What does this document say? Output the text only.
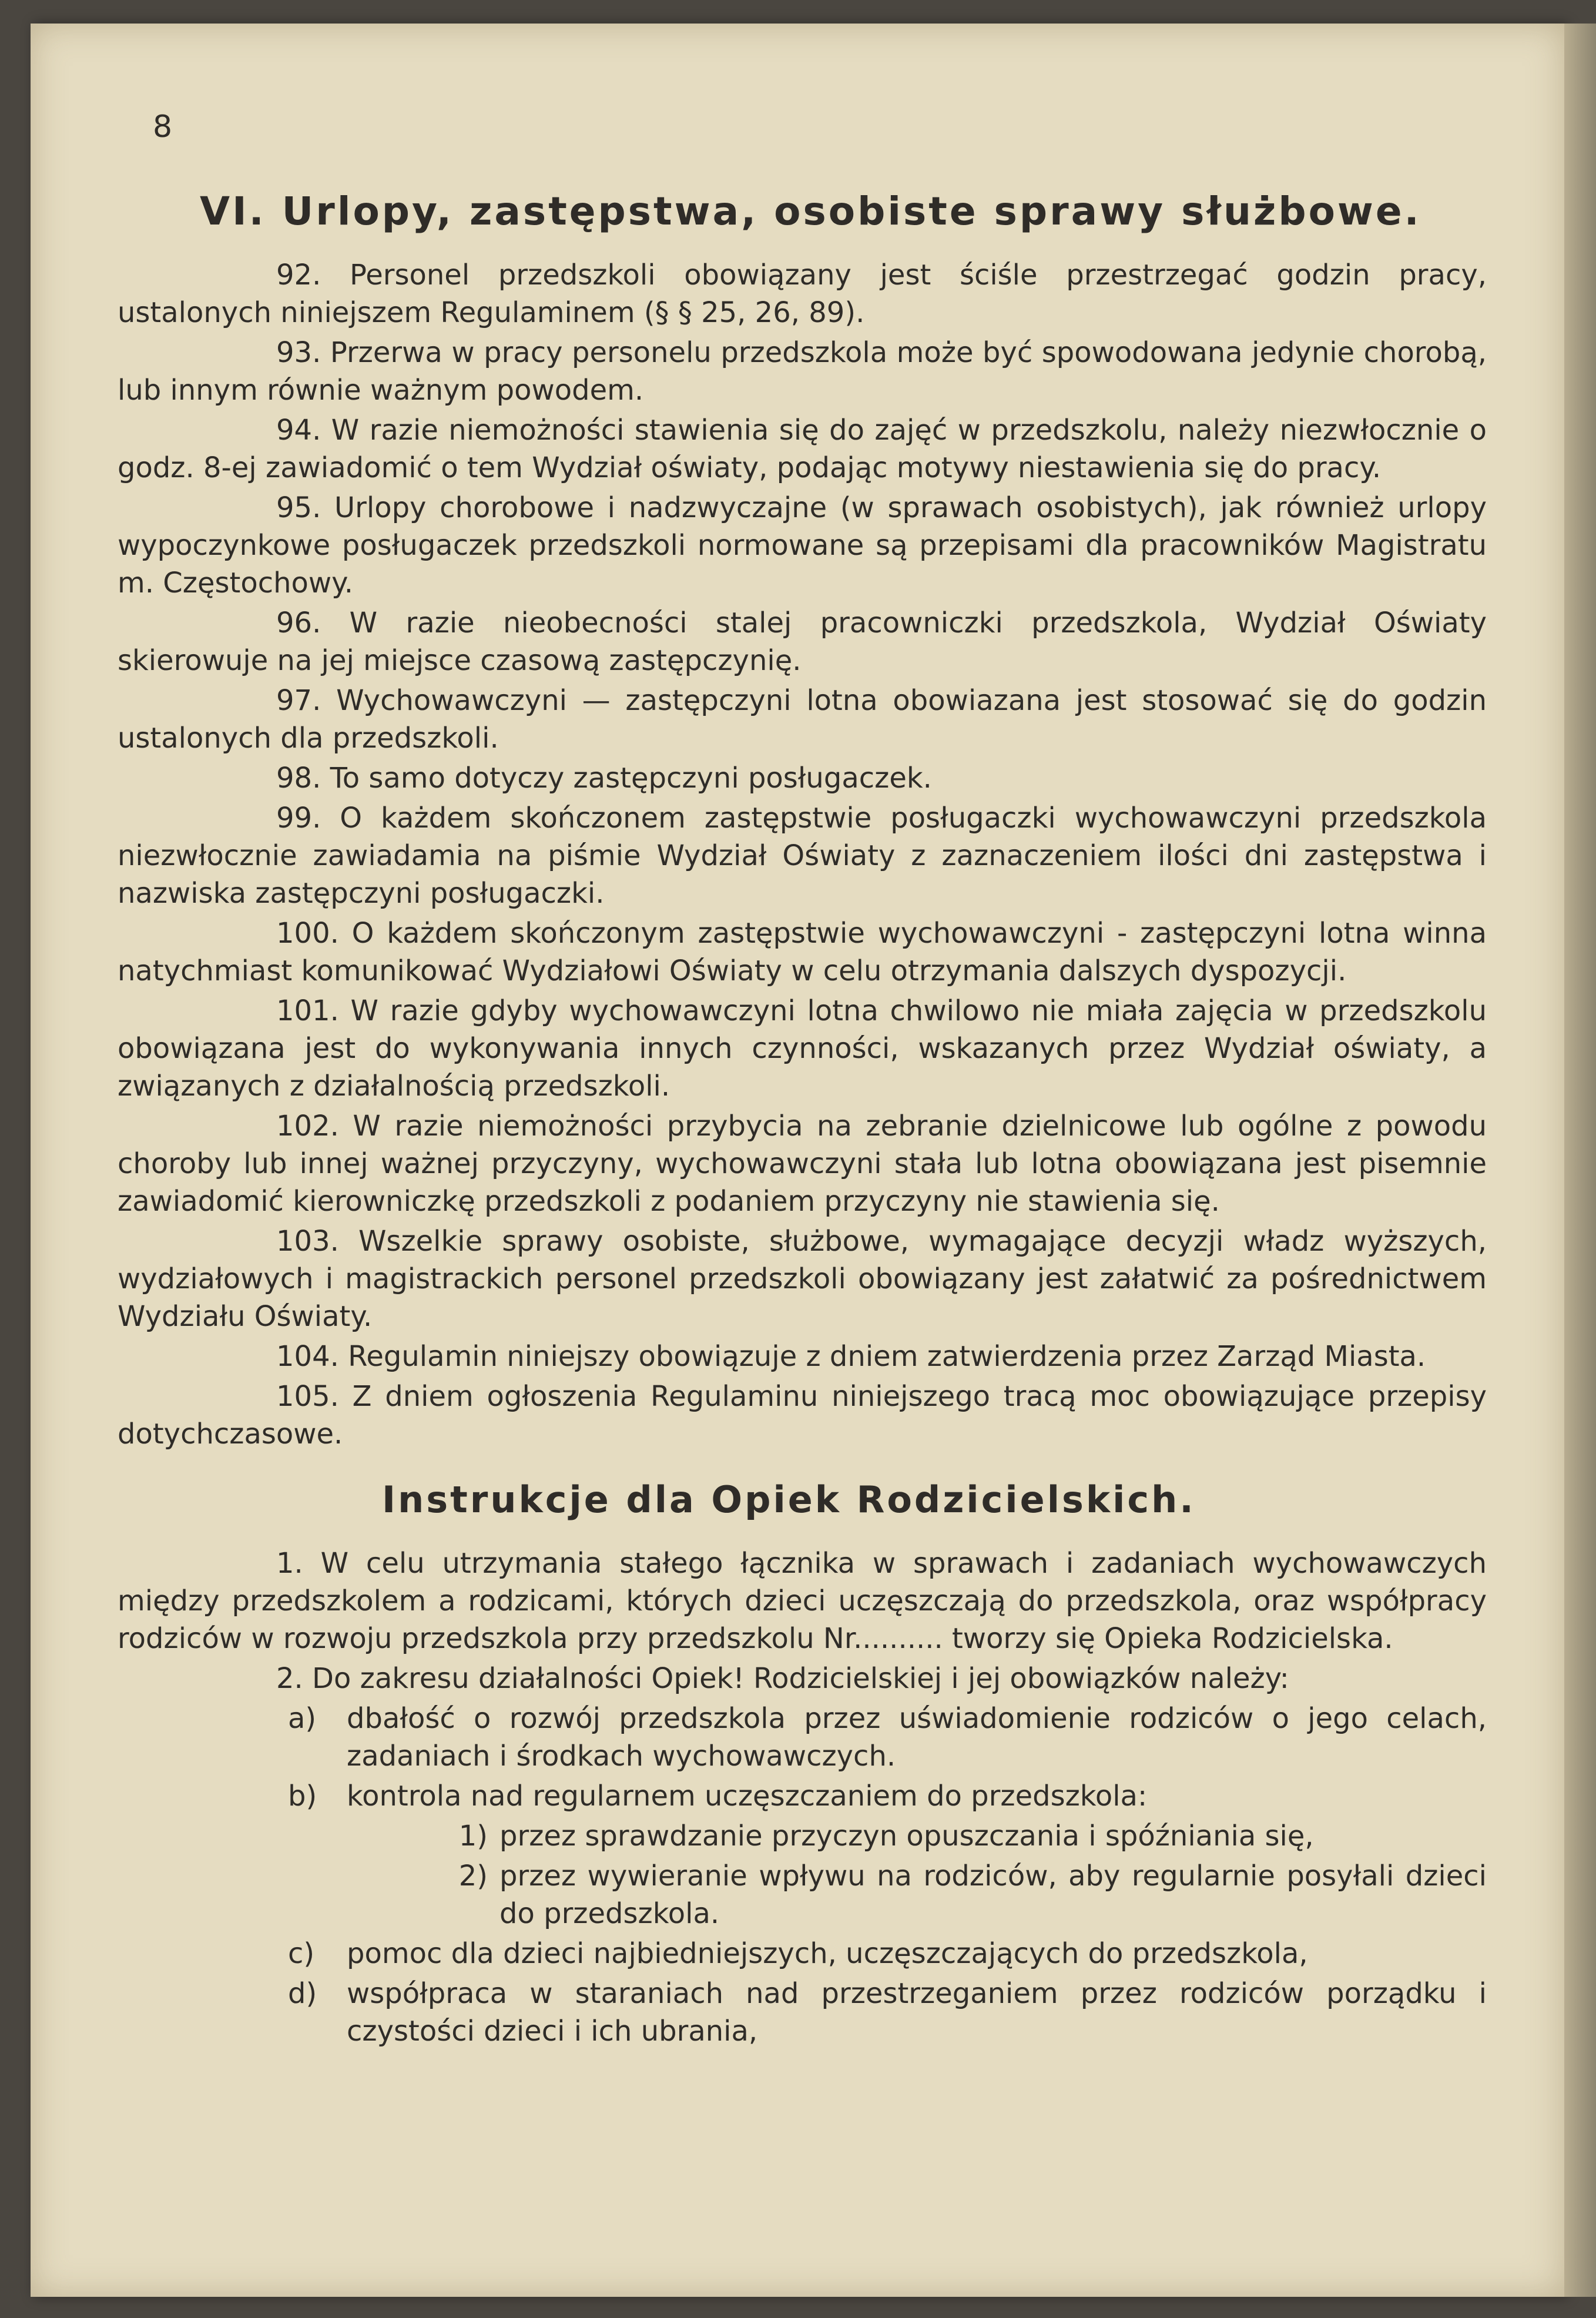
8
VI. Urlopy, zastępstwa, osobiste sprawy służbowe.

92. Personel przedszkoli obowiązany jest ściśle przestrzegać godzin pracy, ustalonych niniejszem Regulaminem (§ § 25, 26, 89).

93. Przerwa w pracy personelu przedszkola może być spowodowana jedynie chorobą, lub innym równie ważnym powodem.

94. W razie niemożności stawienia się do zajęć w przedszkolu, należy niezwłocznie o godz. 8-ej zawiadomić o tem Wydział oświaty, podając motywy niestawienia się do pracy.

95. Urlopy chorobowe i nadzwyczajne (w sprawach osobistych), jak również urlopy wypoczynkowe posługaczek przedszkoli normowane są przepisami dla pracowników Magistratu m. Częstochowy.

96. W razie nieobecności stalej pracowniczki przedszkola, Wydział Oświaty skierowuje na jej miejsce czasową zastępczynię.

97. Wychowawczyni — zastępczyni lotna obowiazana jest stosować się do godzin ustalonych dla przedszkoli.

98. To samo dotyczy zastępczyni posługaczek.

99. O każdem skończonem zastępstwie posługaczki wychowawczyni przedszkola niezwłocznie zawiadamia na piśmie Wydział Oświaty z zaznaczeniem ilości dni zastępstwa i nazwiska zastępczyni posługaczki.

100. O każdem skończonym zastępstwie wychowawczyni - zastępczyni lotna winna natychmiast komunikować Wydziałowi Oświaty w celu otrzymania dalszych dyspozycji.

101. W razie gdyby wychowawczyni lotna chwilowo nie miała zajęcia w przedszkolu obowiązana jest do wykonywania innych czynności, wskazanych przez Wydział oświaty, a związanych z działalnością przedszkoli.

102. W razie niemożności przybycia na zebranie dzielnicowe lub ogólne z powodu choroby lub innej ważnej przyczyny, wychowawczyni stała lub lotna obowiązana jest pisemnie zawiadomić kierowniczkę przedszkoli z podaniem przyczyny nie stawienia się.

103. Wszelkie sprawy osobiste, służbowe, wymagające decyzji władz wyższych, wydziałowych i magistrackich personel przedszkoli obowiązany jest załatwić za pośrednictwem Wydziału Oświaty.

104. Regulamin niniejszy obowiązuje z dniem zatwierdzenia przez Zarząd Miasta.

105. Z dniem ogłoszenia Regulaminu niniejszego tracą moc obowiązujące przepisy dotychczasowe.

Instrukcje dla Opiek Rodzicielskich.

1. W celu utrzymania stałego łącznika w sprawach i zadaniach wychowawczych między przedszkolem a rodzicami, których dzieci uczęszczają do przedszkola, oraz współpracy rodziców w rozwoju przedszkola przy przedszkolu Nr.......... tworzy się Opieka Rodzicielska.

2. Do zakresu działalności Opiek! Rodzicielskiej i jej obowiązków należy:

a)	dbałość o rozwój przedszkola przez uświadomienie rodziców o jego celach, zadaniach i środkach wychowawczych.
b)	kontrola nad regularnem uczęszczaniem do przedszkola:
1) przez sprawdzanie przyczyn opuszczania i spóźniania się,
2) przez wywieranie wpływu na rodziców, aby regularnie posyłali dzieci do przedszkola.
c)	pomoc dla dzieci najbiedniejszych, uczęszczających do przedszkola,
d)	współpraca w staraniach nad przestrzeganiem przez rodziców porządku i czystości dzieci i ich ubrania,
